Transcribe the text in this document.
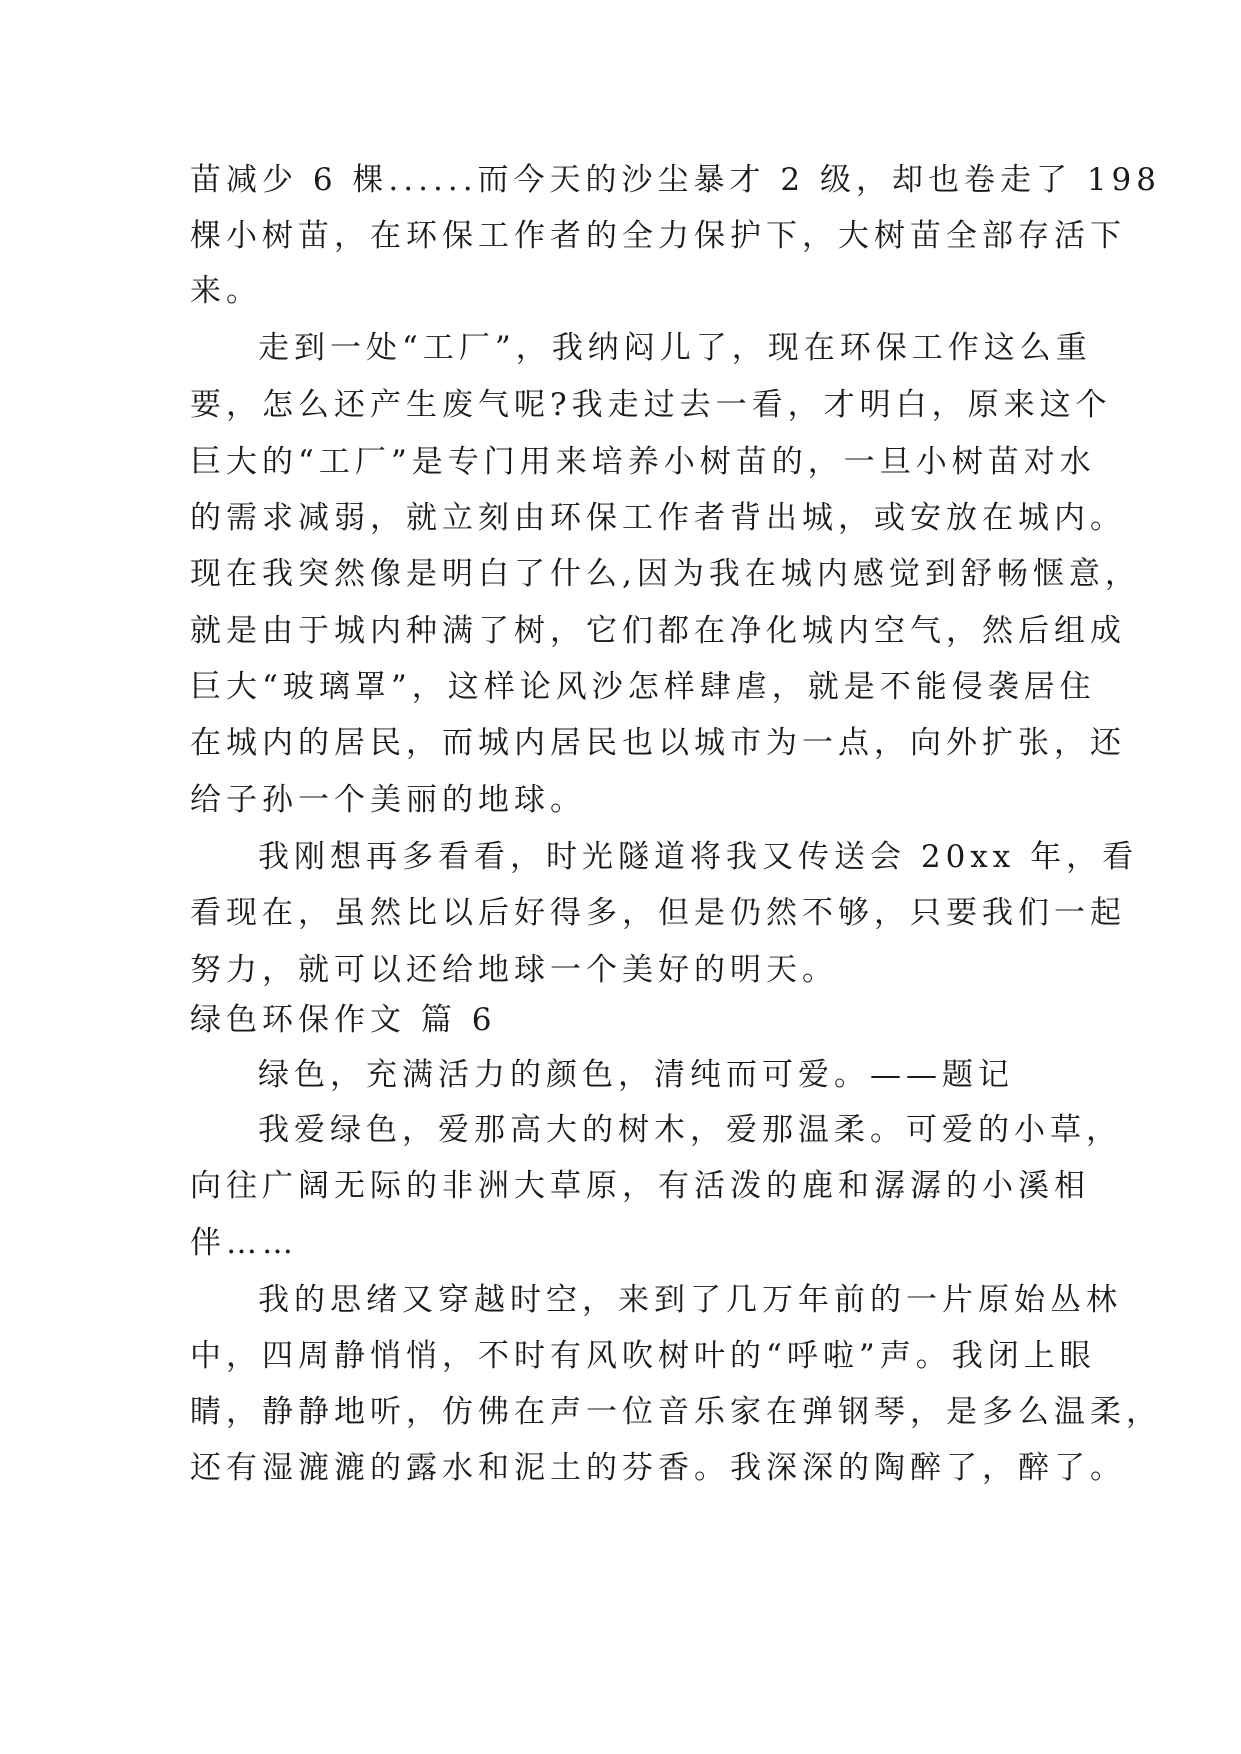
苗减少 6 棵......而今天的沙尘暴才 2 级，却也卷走了 198
棵小树苗，在环保工作者的全力保护下，大树苗全部存活下
来。
走到一处“工厂”，我纳闷儿了，现在环保工作这么重
要，怎么还产生废气呢?我走过去一看，才明白，原来这个
巨大的“工厂”是专门用来培养小树苗的，一旦小树苗对水
的需求减弱，就立刻由环保工作者背出城，或安放在城内。
现在我突然像是明白了什么,因为我在城内感觉到舒畅惬意，
就是由于城内种满了树，它们都在净化城内空气，然后组成
巨大“玻璃罩”，这样论风沙怎样肆虐，就是不能侵袭居住
在城内的居民，而城内居民也以城市为一点，向外扩张，还
给子孙一个美丽的地球。
我刚想再多看看，时光隧道将我又传送会 20xx 年，看
看现在，虽然比以后好得多，但是仍然不够，只要我们一起
努力，就可以还给地球一个美好的明天。
绿色环保作文 篇 6
绿色，充满活力的颜色，清纯而可爱。——题记
我爱绿色，爱那高大的树木，爱那温柔。可爱的小草，
向往广阔无际的非洲大草原，有活泼的鹿和潺潺的小溪相
伴……
我的思绪又穿越时空，来到了几万年前的一片原始丛林
中，四周静悄悄，不时有风吹树叶的“呼啦”声。我闭上眼
睛，静静地听，仿佛在声一位音乐家在弹钢琴，是多么温柔，
还有湿漉漉的露水和泥土的芬香。我深深的陶醉了，醉了。
